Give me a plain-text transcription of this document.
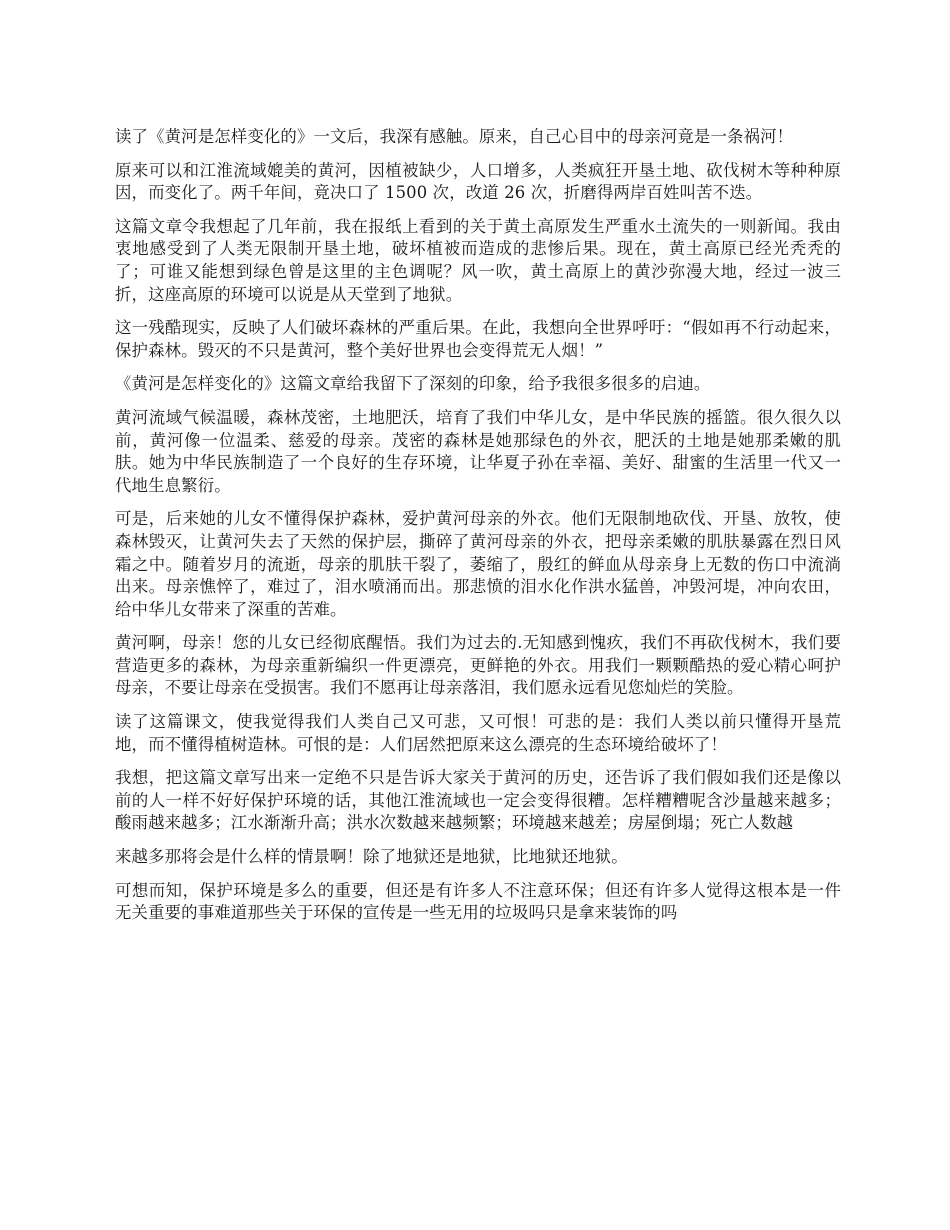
读了《黄河是怎样变化的》一文后，我深有感触。原来，自己心目中的母亲河竟是一条祸河！

原来可以和江淮流域媲美的黄河，因植被缺少，人口增多，人类疯狂开垦土地、砍伐树木等种种原因，而变化了。两千年间，竟决口了 1500 次，改道 26 次，折磨得两岸百姓叫苦不迭。

这篇文章令我想起了几年前，我在报纸上看到的关于黄土高原发生严重水土流失的一则新闻。我由衷地感受到了人类无限制开垦土地，破坏植被而造成的悲惨后果。现在，黄土高原已经光秃秃的了；可谁又能想到绿色曾是这里的主色调呢？风一吹，黄土高原上的黄沙弥漫大地，经过一波三折，这座高原的环境可以说是从天堂到了地狱。

这一残酷现实，反映了人们破坏森林的严重后果。在此，我想向全世界呼吁：“假如再不行动起来，保护森林。毁灭的不只是黄河，整个美好世界也会变得荒无人烟！”

《黄河是怎样变化的》这篇文章给我留下了深刻的印象，给予我很多很多的启迪。

黄河流域气候温暖，森林茂密，土地肥沃，培育了我们中华儿女，是中华民族的摇篮。很久很久以前，黄河像一位温柔、慈爱的母亲。茂密的森林是她那绿色的外衣，肥沃的土地是她那柔嫩的肌肤。她为中华民族制造了一个良好的生存环境，让华夏子孙在幸福、美好、甜蜜的生活里一代又一代地生息繁衍。

可是，后来她的儿女不懂得保护森林，爱护黄河母亲的外衣。他们无限制地砍伐、开垦、放牧，使森林毁灭，让黄河失去了天然的保护层，撕碎了黄河母亲的外衣，把母亲柔嫩的肌肤暴露在烈日风霜之中。随着岁月的流逝，母亲的肌肤干裂了，萎缩了，殷红的鲜血从母亲身上无数的伤口中流淌出来。母亲憔悴了，难过了，泪水喷涌而出。那悲愤的泪水化作洪水猛兽，冲毁河堤，冲向农田，给中华儿女带来了深重的苦难。

黄河啊，母亲！您的儿女已经彻底醒悟。我们为过去的.无知感到愧疚，我们不再砍伐树木，我们要营造更多的森林，为母亲重新编织一件更漂亮，更鲜艳的外衣。用我们一颗颗酷热的爱心精心呵护母亲，不要让母亲在受损害。我们不愿再让母亲落泪，我们愿永远看见您灿烂的笑脸。

读了这篇课文，使我觉得我们人类自己又可悲，又可恨！可悲的是：我们人类以前只懂得开垦荒地，而不懂得植树造林。可恨的是：人们居然把原来这么漂亮的生态环境给破坏了！

我想，把这篇文章写出来一定绝不只是告诉大家关于黄河的历史，还告诉了我们假如我们还是像以前的人一样不好好保护环境的话，其他江淮流域也一定会变得很糟。怎样糟糟呢含沙量越来越多；酸雨越来越多；江水渐渐升高；洪水次数越来越频繁；环境越来越差；房屋倒塌；死亡人数越

来越多那将会是什么样的情景啊！除了地狱还是地狱，比地狱还地狱。

可想而知，保护环境是多么的重要，但还是有许多人不注意环保；但还有许多人觉得这根本是一件无关重要的事难道那些关于环保的宣传是一些无用的垃圾吗只是拿来装饰的吗
